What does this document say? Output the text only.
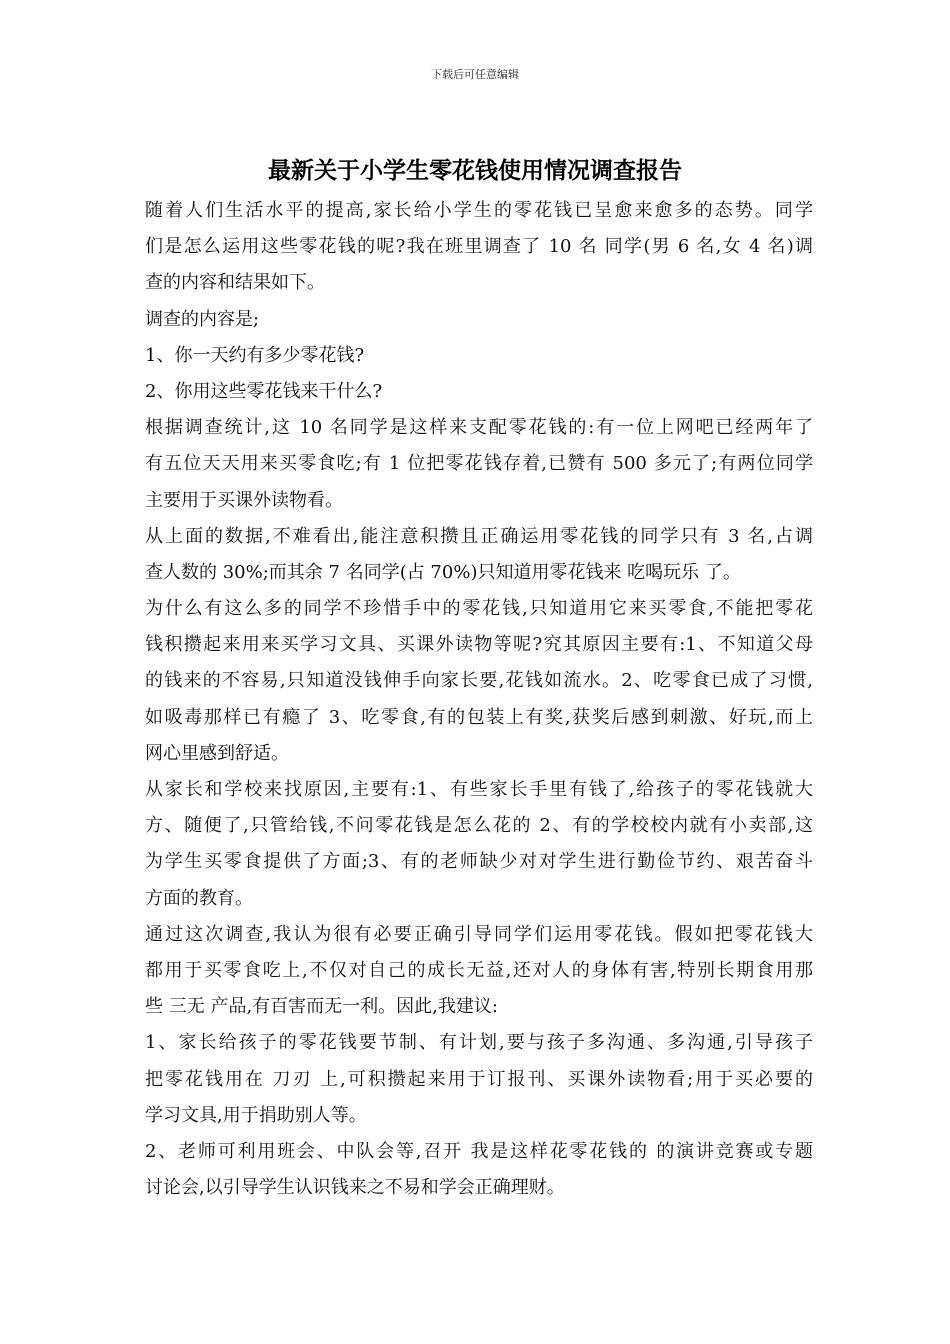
下载后可任意编辑
最新关于小学生零花钱使用情况调查报告
随着人们生活水平的提高,家长给小学生的零花钱已呈愈来愈多的态势。同学
们是怎么运用这些零花钱的呢?我在班里调查了 10 名 同学(男 6 名,女 4 名)调
查的内容和结果如下。
调查的内容是;
1、你一天约有多少零花钱?
2、你用这些零花钱来干什么?
根据调查统计,这 10 名同学是这样来支配零花钱的:有一位上网吧已经两年了
有五位天天用来买零食吃;有 1 位把零花钱存着,已赞有 500 多元了;有两位同学
主要用于买课外读物看。
从上面的数据,不难看出,能注意积攒且正确运用零花钱的同学只有 3 名,占调
查人数的 30%;而其余 7 名同学(占 70%)只知道用零花钱来 吃喝玩乐 了。
为什么有这么多的同学不珍惜手中的零花钱,只知道用它来买零食,不能把零花
钱积攒起来用来买学习文具、买课外读物等呢?究其原因主要有:1、不知道父母
的钱来的不容易,只知道没钱伸手向家长要,花钱如流水。2、吃零食已成了习惯,
如吸毒那样已有瘾了 3、吃零食,有的包装上有奖,获奖后感到刺激、好玩,而上
网心里感到舒适。
从家长和学校来找原因,主要有:1、有些家长手里有钱了,给孩子的零花钱就大
方、随便了,只管给钱,不问零花钱是怎么花的 2、有的学校校内就有小卖部,这
为学生买零食提供了方面;3、有的老师缺少对对学生进行勤俭节约、艰苦奋斗
方面的教育。
通过这次调查,我认为很有必要正确引导同学们运用零花钱。假如把零花钱大
都用于买零食吃上,不仅对自己的成长无益,还对人的身体有害,特别长期食用那
些 三无 产品,有百害而无一利。因此,我建议:
1、家长给孩子的零花钱要节制、有计划,要与孩子多沟通、多沟通,引导孩子
把零花钱用在 刀刃 上,可积攒起来用于订报刊、买课外读物看;用于买必要的
学习文具,用于捐助别人等。
2、老师可利用班会、中队会等,召开 我是这样花零花钱的 的演讲竞赛或专题
讨论会,以引导学生认识钱来之不易和学会正确理财。
